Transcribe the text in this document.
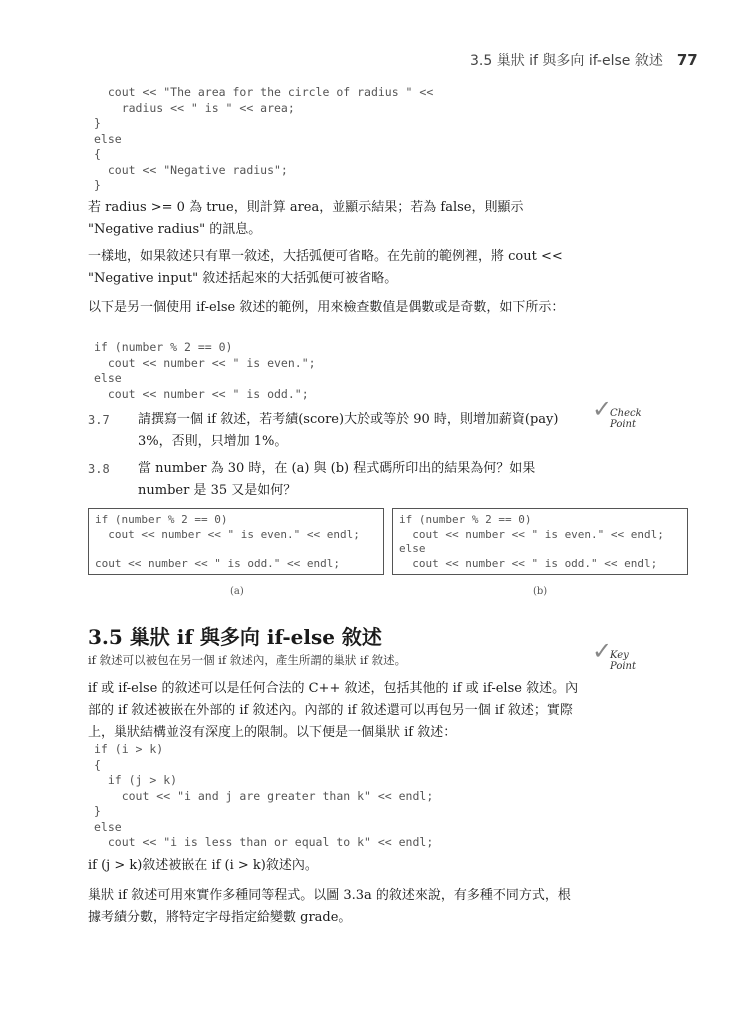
3.5 巢狀 if 與多向 if-else 敘述 77
cout << "The area for the circle of radius " <<
radius << " is " << area;
}
else
{
cout << "Negative radius";
}

若 radius >= 0 為 true，則計算 area，並顯示結果；若為 false，則顯示 "Negative radius" 的訊息。

一樣地，如果敘述只有單一敘述，大括弧便可省略。在先前的範例裡，將 cout << "Negative input" 敘述括起來的大括弧便可被省略。

以下是另一個使用 if-else 敘述的範例，用來檢查數值是偶數或是奇數，如下所示：

if (number % 2 == 0)
cout << number << " is even.";
else
cout << number << " is odd.";
3.7 請撰寫一個 if 敘述，若考績(score)大於或等於 90 時，則增加薪資(pay) 3%，否則，只增加 1%。

✓
Check
Point
3.8 當 number 為 30 時，在 (a) 與 (b) 程式碼所印出的結果為何？如果 number 是 35 又是如何？

if (number % 2 == 0)
cout << number << " is even." << endl;

cout << number << " is odd." << endl;
(a)
if (number % 2 == 0)
cout << number << " is even." << endl;
else
cout << number << " is odd." << endl;
(b)
3.5 巢狀 if 與多向 if-else 敘述
if 敘述可以被包在另一個 if 敘述內，產生所謂的巢狀 if 敘述。	✓
Key
Point

if 或 if-else 的敘述可以是任何合法的 C++ 敘述，包括其他的 if 或 if-else 敘述。內部的 if 敘述被嵌在外部的 if 敘述內。內部的 if 敘述還可以再包另一個 if 敘述；實際上，巢狀結構並沒有深度上的限制。以下便是一個巢狀 if 敘述：

if (i > k)
{
if (j > k)
cout << "i and j are greater than k" << endl;
}
else
cout << "i is less than or equal to k" << endl;

if (j > k)敘述被嵌在 if (i > k)敘述內。

巢狀 if 敘述可用來實作多種同等程式。以圖 3.3a 的敘述來說，有多種不同方式，根據考績分數，將特定字母指定給變數 grade。
